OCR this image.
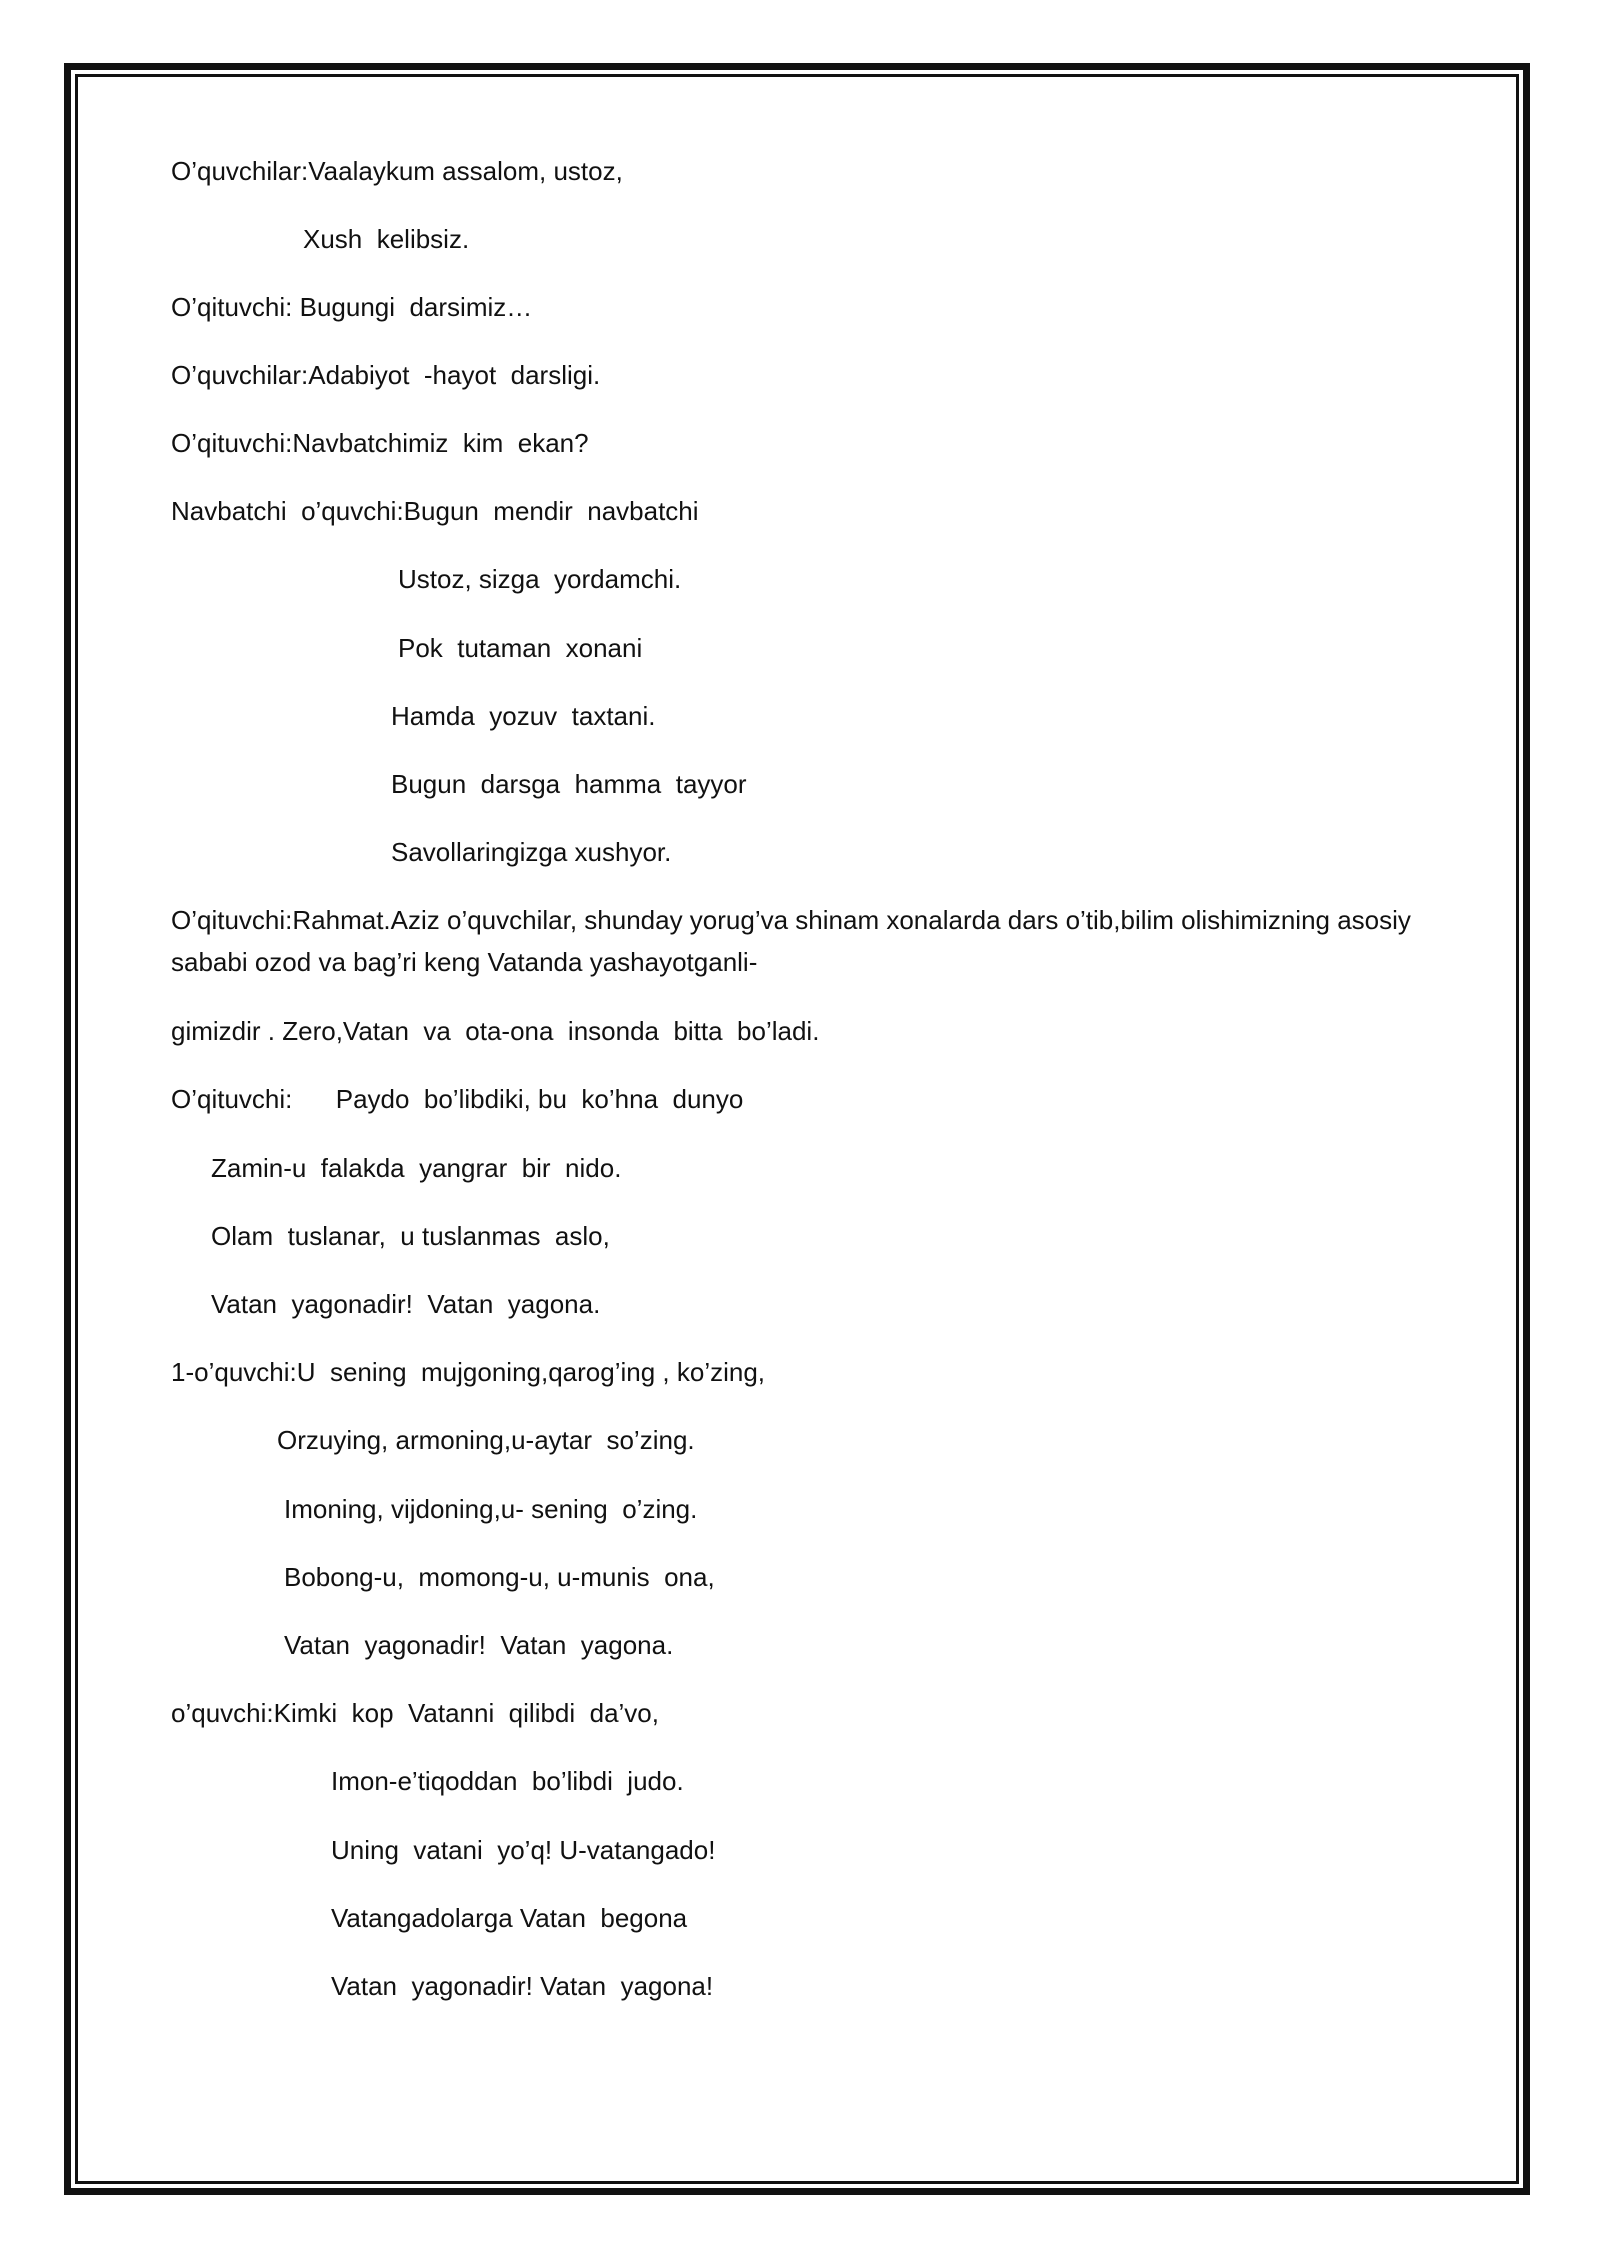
O’quvchilar:Vaalaykum assalom, ustoz,
Xush  kelibsiz.
O’qituvchi: Bugungi  darsimiz…
O’quvchilar:Adabiyot  -hayot  darsligi.
O’qituvchi:Navbatchimiz  kim  ekan?
Navbatchi  o’quvchi:Bugun  mendir  navbatchi
Ustoz, sizga  yordamchi.
Pok  tutaman  xonani
Hamda  yozuv  taxtani.
Bugun  darsga  hamma  tayyor
Savollaringizga xushyor.
O’qituvchi:Rahmat.Aziz o’quvchilar, shunday yorug’va shinam xonalarda dars o’tib,bilim olishimizning asosiy sababi ozod va bag’ri keng Vatanda yashayotganli-
gimizdir . Zero,Vatan  va  ota-ona  insonda  bitta  bo’ladi.
O’qituvchi:      Paydo  bo’libdiki, bu  ko’hna  dunyo
Zamin-u  falakda  yangrar  bir  nido.
Olam  tuslanar,  u tuslanmas  aslo,
Vatan  yagonadir!  Vatan  yagona.
1-o’quvchi:U  sening  mujgoning,qarog’ing , ko’zing,
Orzuying, armoning,u-aytar  so’zing.
Imoning, vijdoning,u- sening  o’zing.
Bobong-u,  momong-u, u-munis  ona,
Vatan  yagonadir!  Vatan  yagona.
o’quvchi:Kimki  kop  Vatanni  qilibdi  da’vo,
Imon-e’tiqoddan  bo’libdi  judo.
Uning  vatani  yo’q! U-vatangado!
Vatangadolarga Vatan  begona
Vatan  yagonadir! Vatan  yagona!
